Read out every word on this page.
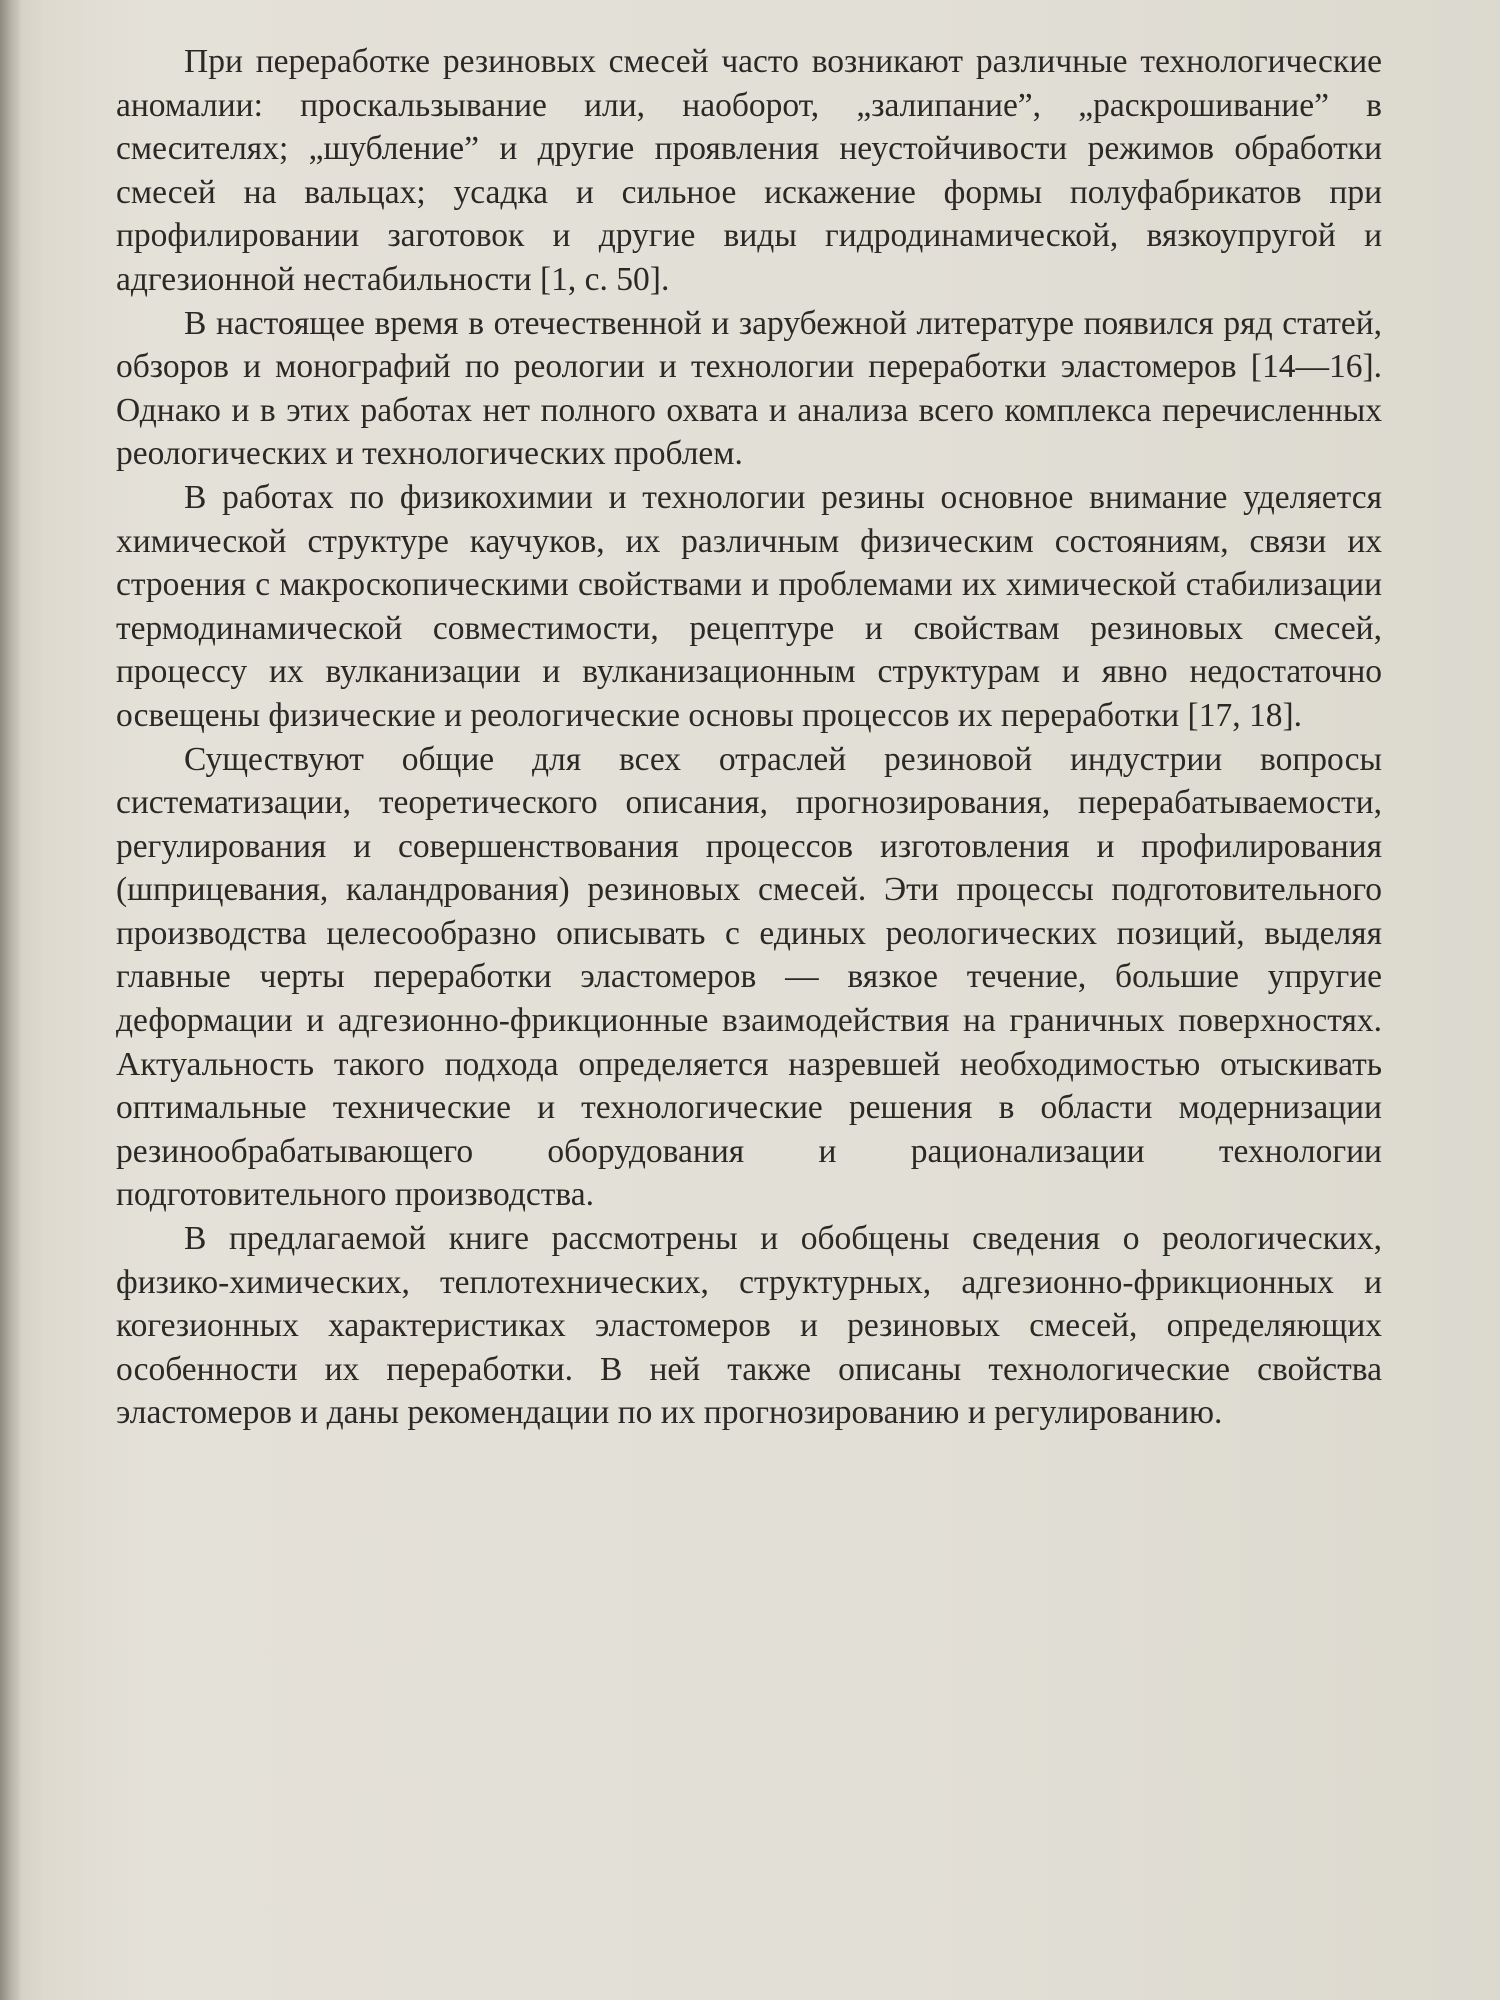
При переработке резиновых смесей часто возникают различные технологические аномалии: проскальзывание или, наоборот, „залипание”, „раскрошивание” в смесителях; „шубление” и другие проявления неустойчивости режимов обработки смесей на вальцах; усадка и сильное искажение формы полуфабрикатов при профилировании заготовок и другие виды гидродинамической, вязкоупругой и адгезионной нестабильности [1, с. 50].

В настоящее время в отечественной и зарубежной литературе появился ряд статей, обзоров и монографий по реологии и технологии переработки эластомеров [14—16]. Однако и в этих работах нет полного охвата и анализа всего комплекса перечисленных реологических и технологических проблем.

В работах по физикохимии и технологии резины основное внимание уделяется химической структуре каучуков, их различным физическим состояниям, связи их строения с макроскопическими свойствами и проблемами их химической стабилизации термодинамической совместимости, рецептуре и свойствам резиновых смесей, процессу их вулканизации и вулканизационным структурам и явно недостаточно освещены физические и реологические основы процессов их переработки [17, 18].

Существуют общие для всех отраслей резиновой индустрии вопросы систематизации, теоретического описания, прогнозирования, перерабатываемости, регулирования и совершенствования процессов изготовления и профилирования (шприцевания, каландрования) резиновых смесей. Эти процессы подготовительного производства целесообразно описывать с единых реологических позиций, выделяя главные черты переработки эластомеров — вязкое течение, большие упругие деформации и адгезионно-фрикционные взаимодействия на граничных поверхностях. Актуальность такого подхода определяется назревшей необходимостью отыскивать оптимальные технические и технологические решения в области модернизации резинообрабатывающего оборудования и рационализации технологии подготовительного производства.

В предлагаемой книге рассмотрены и обобщены сведения о реологических, физико-химических, теплотехнических, структурных, адгезионно-фрикционных и когезионных характеристиках эластомеров и резиновых смесей, определяющих особенности их переработки. В ней также описаны технологические свойства эластомеров и даны рекомендации по их прогнозированию и регулированию.
